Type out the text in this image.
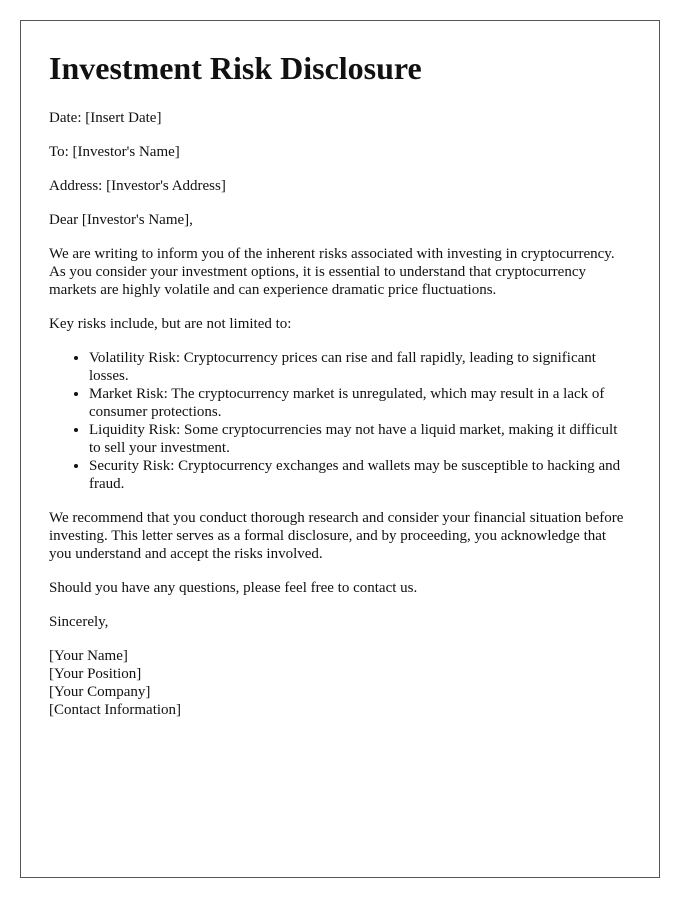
Investment Risk Disclosure

Date: [Insert Date]

To: [Investor's Name]

Address: [Investor's Address]

Dear [Investor's Name],

We are writing to inform you of the inherent risks associated with investing in cryptocurrency. As you consider your investment options, it is essential to understand that cryptocurrency markets are highly volatile and can experience dramatic price fluctuations.

Key risks include, but are not limited to:

• Volatility Risk: Cryptocurrency prices can rise and fall rapidly, leading to significant losses.
• Market Risk: The cryptocurrency market is unregulated, which may result in a lack of consumer protections.
• Liquidity Risk: Some cryptocurrencies may not have a liquid market, making it difficult to sell your investment.
• Security Risk: Cryptocurrency exchanges and wallets may be susceptible to hacking and fraud.

We recommend that you conduct thorough research and consider your financial situation before investing. This letter serves as a formal disclosure, and by proceeding, you acknowledge that you understand and accept the risks involved.

Should you have any questions, please feel free to contact us.

Sincerely,

[Your Name]
[Your Position]
[Your Company]
[Contact Information]
